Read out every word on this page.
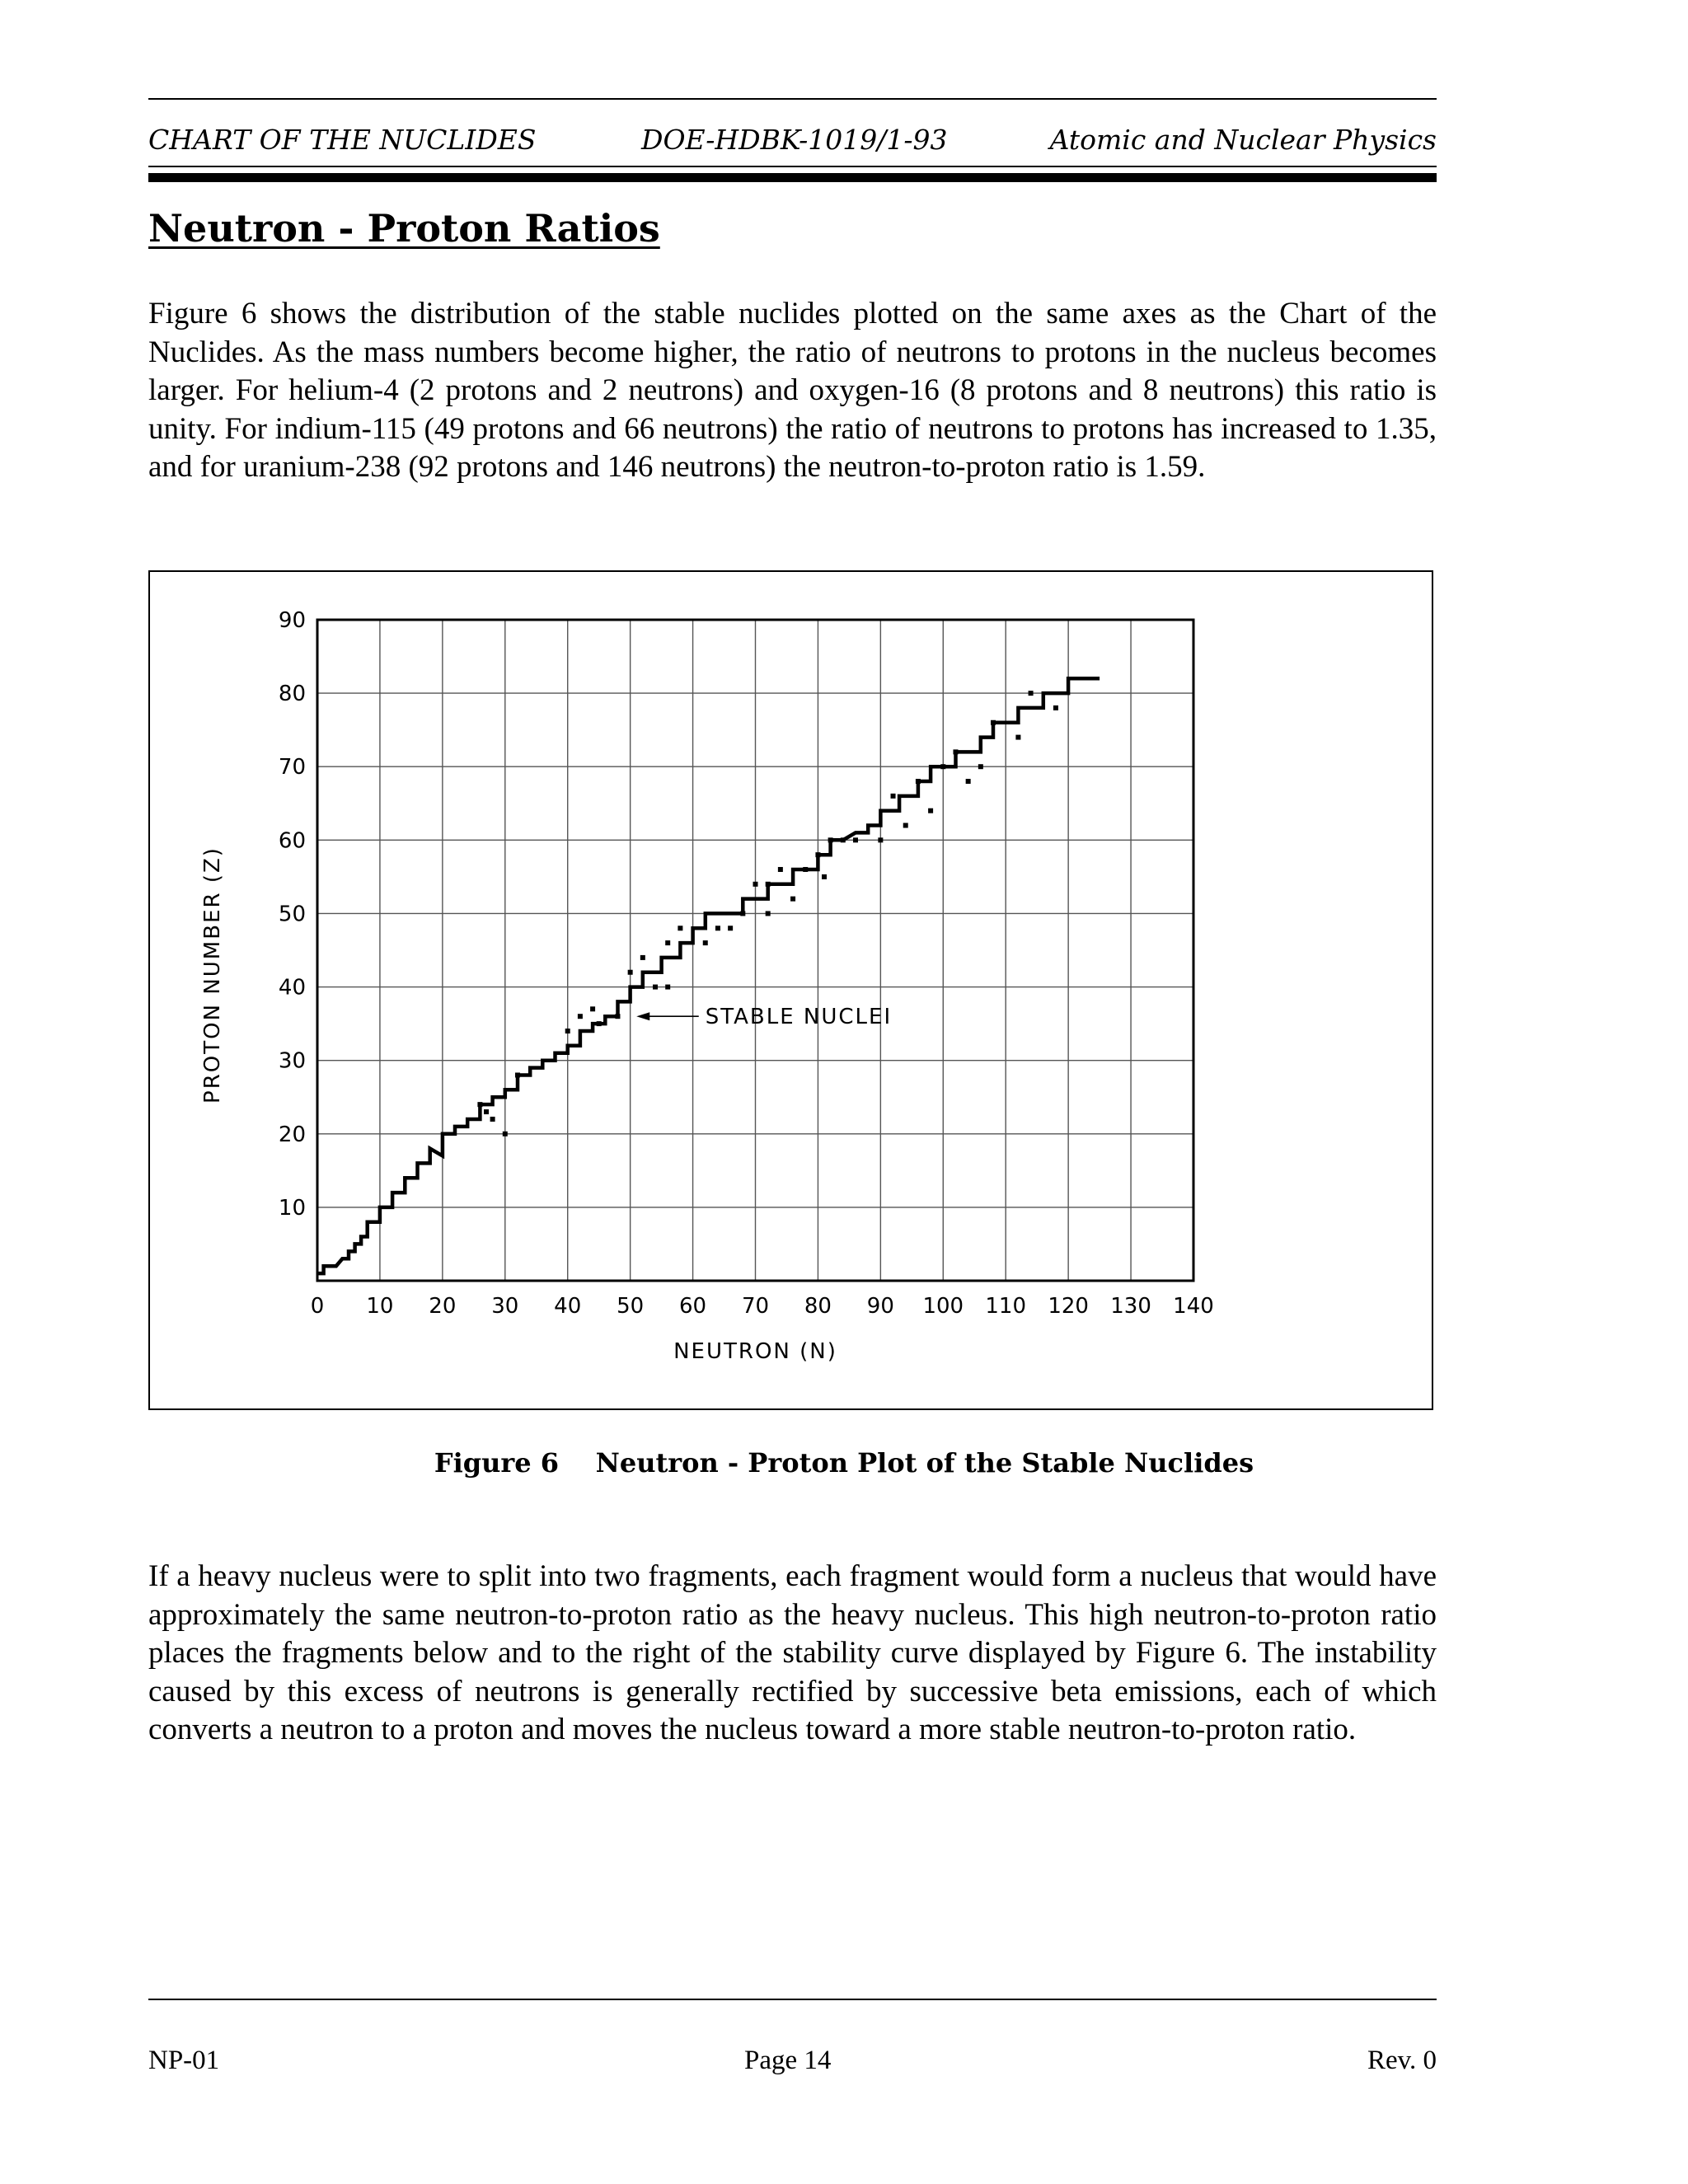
CHART OF THE NUCLIDES	DOE-HDBK-1019/1-93	Atomic and Nuclear Physics
Neutron - Proton Ratios

Figure 6 shows the distribution of the stable nuclides plotted on the same axes as the Chart of the Nuclides. As the mass numbers become higher, the ratio of neutrons to protons in the nucleus becomes larger. For helium-4 (2 protons and 2 neutrons) and oxygen-16 (8 protons and 8 neutrons) this ratio is unity. For indium-115 (49 protons and 66 neutrons) the ratio of neutrons to protons has increased to 1.35, and for uranium-238 (92 protons and 146 neutrons) the neutron-to-proton ratio is 1.59.

0 10 20 30 40 50 60 70 80 90 100 110 120 130 140
10
20
30
40
50
60
70
80
90
STABLE NUCLEI
NEUTRON (N)
PROTON NUMBER (Z)
Figure 6    Neutron - Proton Plot of the Stable Nuclides

If a heavy nucleus were to split into two fragments, each fragment would form a nucleus that would have approximately the same neutron-to-proton ratio as the heavy nucleus. This high neutron-to-proton ratio places the fragments below and to the right of the stability curve displayed by Figure 6. The instability caused by this excess of neutrons is generally rectified by successive beta emissions, each of which converts a neutron to a proton and moves the nucleus toward a more stable neutron-to-proton ratio.

NP-01	Page 14	Rev. 0
